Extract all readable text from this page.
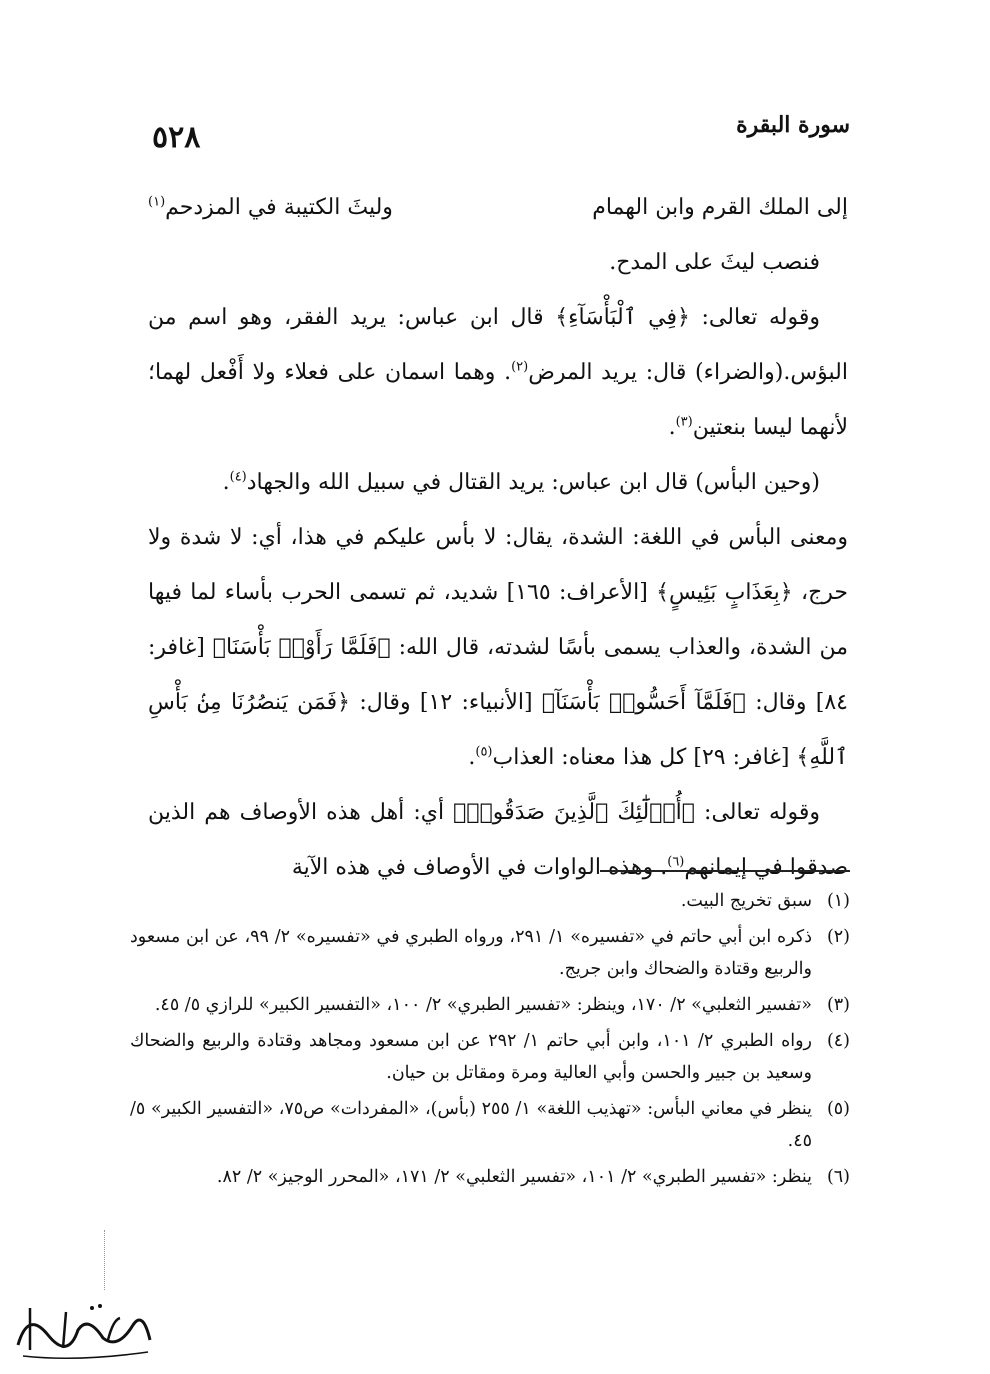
٥٢٨	سورة البقرة
إلى الملك القرم وابن الهمام
وليثَ الكتيبة في المزدحم$^{(١)}$

فنصب ليثَ على المدح.

وقوله تعالى: ﴿فِي ٱلْبَأْسَآءِ﴾ قال ابن عباس: يريد الفقر، وهو اسم من البؤس.(والضراء) قال: يريد المرض$^{(٢)}$. وهما اسمان على فعلاء ولا أَفْعل لهما؛ لأنهما ليسا بنعتين$^{(٣)}$.

(وحين البأس) قال ابن عباس: يريد القتال في سبيل الله والجهاد$^{(٤)}$.

ومعنى البأس في اللغة: الشدة، يقال: لا بأس عليكم في هذا، أي: لا شدة ولا حرج، ﴿بِعَذَابٍ بَئِيسٍ﴾ [الأعراف: ١٦٥] شديد، ثم تسمى الحرب بأساء لما فيها من الشدة، والعذاب يسمى بأسًا لشدته، قال الله: ﴿فَلَمَّا رَأَوْا۟ بَأْسَنَا﴾ [غافر: ٨٤] وقال: ﴿فَلَمَّآ أَحَسُّوا۟ بَأْسَنَآ﴾ [الأنبياء: ١٢] وقال: ﴿فَمَن يَنصُرُنَا مِنۢ بَأْسِ ٱللَّهِ﴾ [غافر: ٢٩] كل هذا معناه: العذاب$^{(٥)}$.

وقوله تعالى: ﴿أُو۟لَٰٓئِكَ ٱلَّذِينَ صَدَقُوا۟﴾ أي: أهل هذه الأوصاف هم الذين صدقوا في إيمانهم$^{(٦)}$. وهذه الواوات في الأوصاف في هذه الآية

(١)
سبق تخريج البيت.
(٢)
ذكره ابن أبي حاتم في «تفسيره» ١/ ٢٩١، ورواه الطبري في «تفسيره» ٢/ ٩٩، عن ابن مسعود والربيع وقتادة والضحاك وابن جريج.
(٣)
«تفسير الثعلبي» ٢/ ١٧٠، وينظر: «تفسير الطبري» ٢/ ١٠٠، «التفسير الكبير» للرازي ٥/ ٤٥.
(٤)
رواه الطبري ٢/ ١٠١، وابن أبي حاتم ١/ ٢٩٢ عن ابن مسعود ومجاهد وقتادة والربيع والضحاك وسعيد بن جبير والحسن وأبي العالية ومرة ومقاتل بن حيان.
(٥)
ينظر في معاني البأس: «تهذيب اللغة» ١/ ٢٥٥ (بأس)، «المفردات» ص٧٥، «التفسير الكبير» ٥/ ٤٥.
(٦)
ينظر: «تفسير الطبري» ٢/ ١٠١، «تفسير الثعلبي» ٢/ ١٧١، «المحرر الوجيز» ٢/ ٨٢.
